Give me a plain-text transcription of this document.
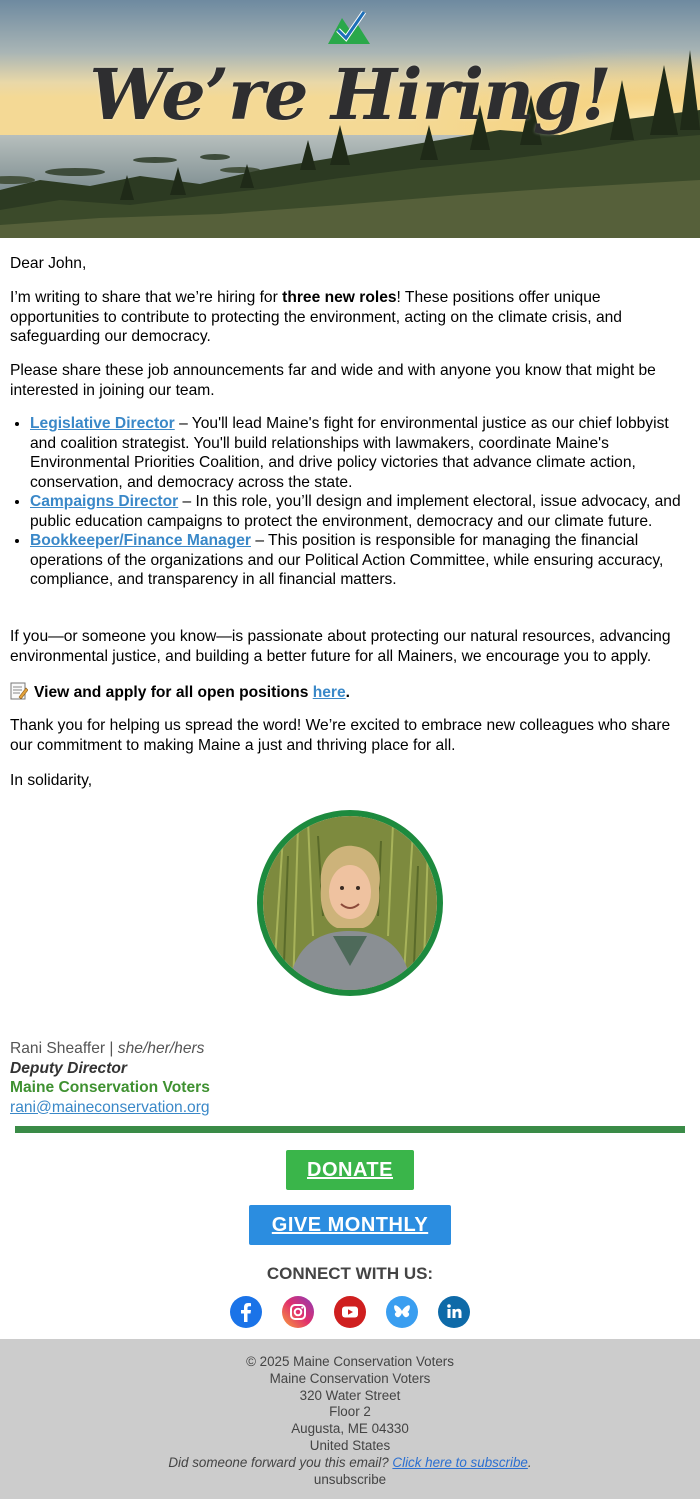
We’re Hiring!

Dear John,

I’m writing to share that we’re hiring for three new roles! These positions offer unique opportunities to contribute to protecting the environment, acting on the climate crisis, and safeguarding our democracy.

Please share these job announcements far and wide and with anyone you know that might be interested in joining our team.

• Legislative Director – You'll lead Maine's fight for environmental justice as our chief lobbyist and coalition strategist. You'll build relationships with lawmakers, coordinate Maine's Environmental Priorities Coalition, and drive policy victories that advance climate action, conservation, and democracy across the state.
• Campaigns Director – In this role, you’ll design and implement electoral, issue advocacy, and public education campaigns to protect the environment, democracy and our climate future.
• Bookkeeper/Finance Manager – This position is responsible for managing the financial operations of the organizations and our Political Action Committee, while ensuring accuracy, compliance, and transparency in all financial matters.

If you—or someone you know—is passionate about protecting our natural resources, advancing environmental justice, and building a better future for all Mainers, we encourage you to apply.

View and apply for all open positions here.

Thank you for helping us spread the word! We’re excited to embrace new colleagues who share our commitment to making Maine a just and thriving place for all.

In solidarity,

Rani Sheaffer | she/her/hers
Deputy Director
Maine Conservation Voters
rani@maineconservation.org
DONATE
GIVE MONTHLY
CONNECT WITH US:
© 2025 Maine Conservation Voters
Maine Conservation Voters
320 Water Street
Floor 2
Augusta, ME 04330
United States
Did someone forward you this email? Click here to subscribe.
unsubscribe
